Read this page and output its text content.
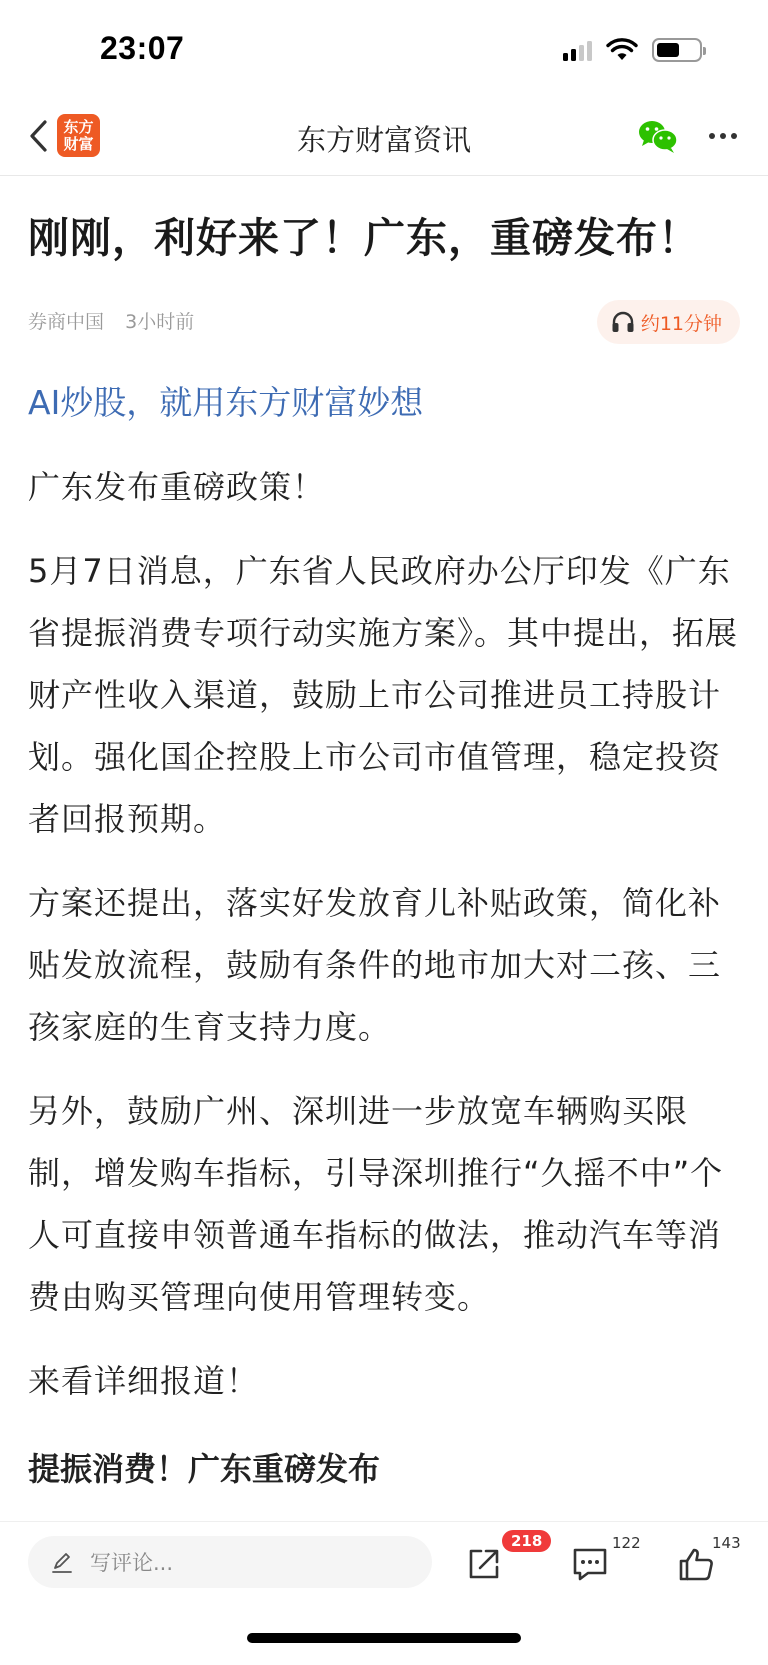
23:07
东方
财富	东方财富资讯
刚刚，利好来了！广东，重磅发布！
券商中国 3小时前	约11分钟
AI炒股，就用东方财富妙想

广东发布重磅政策！

5月7日消息，广东省人民政府办公厅印发《广东省提振消费专项行动实施方案》。其中提出，拓展财产性收入渠道，鼓励上市公司推进员工持股计划。强化国企控股上市公司市值管理，稳定投资者回报预期。

方案还提出，落实好发放育儿补贴政策，简化补贴发放流程，鼓励有条件的地市加大对二孩、三孩家庭的生育支持力度。

另外，鼓励广州、深圳进一步放宽车辆购买限制，增发购车指标，引导深圳推行“久摇不中”个人可直接申领普通车指标的做法，推动汽车等消费由购买管理向使用管理转变。

来看详细报道！

提振消费！广东重磅发布
写评论...
218	122	143
